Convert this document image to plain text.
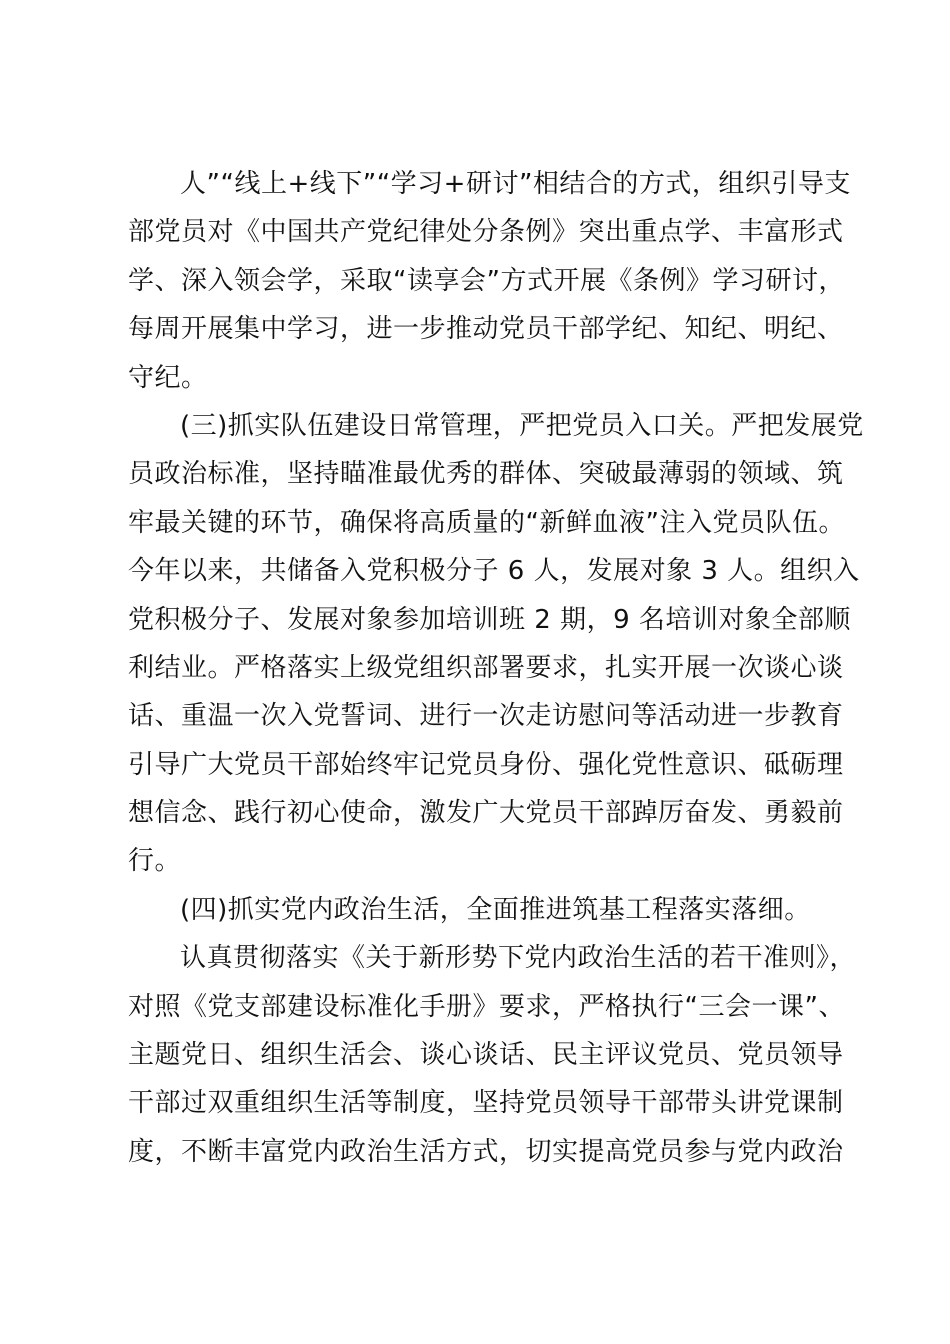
人”“线上+线下”“学习+研讨”相结合的方式，组织引导支
部党员对《中国共产党纪律处分条例》突出重点学、丰富形式
学、深入领会学，采取“读享会”方式开展《条例》学习研讨，
每周开展集中学习，进一步推动党员干部学纪、知纪、明纪、
守纪。
(三)抓实队伍建设日常管理，严把党员入口关。严把发展党
员政治标准，坚持瞄准最优秀的群体、突破最薄弱的领域、筑
牢最关键的环节，确保将高质量的“新鲜血液”注入党员队伍。
今年以来，共储备入党积极分子 6 人，发展对象 3 人。组织入
党积极分子、发展对象参加培训班 2 期，9 名培训对象全部顺
利结业。严格落实上级党组织部署要求，扎实开展一次谈心谈
话、重温一次入党誓词、进行一次走访慰问等活动进一步教育
引导广大党员干部始终牢记党员身份、强化党性意识、砥砺理
想信念、践行初心使命，激发广大党员干部踔厉奋发、勇毅前
行。
(四)抓实党内政治生活，全面推进筑基工程落实落细。
认真贯彻落实《关于新形势下党内政治生活的若干准则》，
对照《党支部建设标准化手册》要求，严格执行“三会一课”、
主题党日、组织生活会、谈心谈话、民主评议党员、党员领导
干部过双重组织生活等制度，坚持党员领导干部带头讲党课制
度，不断丰富党内政治生活方式，切实提高党员参与党内政治
